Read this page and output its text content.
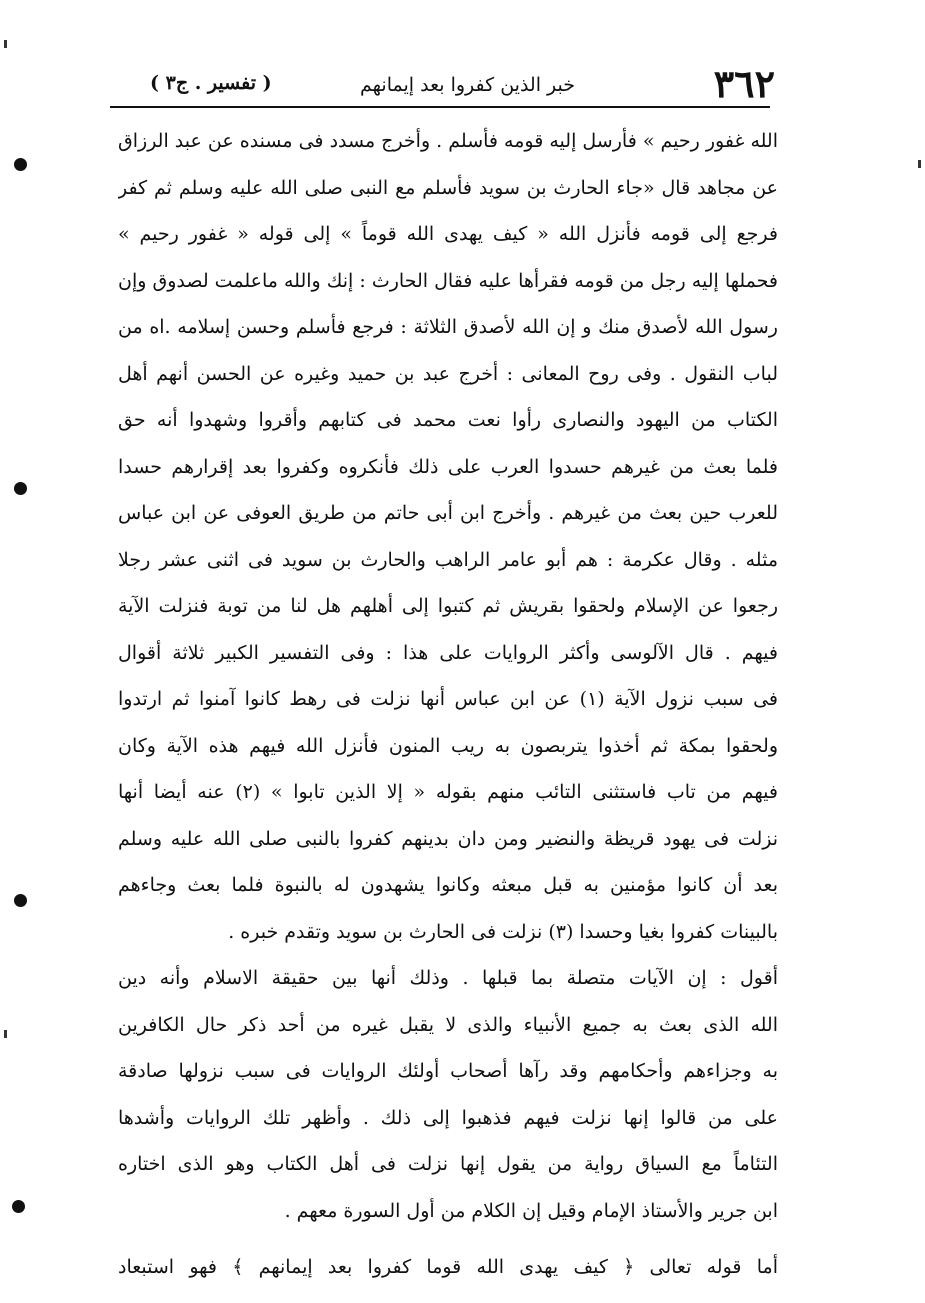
٣٦٢
خبر الذين كفروا بعد إيمانهم
( تفسير . ج٣ )
الله غفور رحيم » فأرسل إليه قومه فأسلم . وأخرج مسدد فى مسنده عن عبد الرزاق
عن مجاهد قال «جاء الحارث بن سويد فأسلم مع النبى صلى الله عليه وسلم ثم كفر
فرجع إلى قومه فأنزل الله « كيف يهدى الله قوماً » إلى قوله « غفور رحيم »
فحملها إليه رجل من قومه فقرأها عليه فقال الحارث : إنك والله ماعلمت لصدوق وإن
رسول الله لأصدق منك و إن الله لأصدق الثلاثة : فرجع فأسلم وحسن إسلامه .اه من
لباب النقول . وفى روح المعانى : أخرج عبد بن حميد وغيره عن الحسن أنهم أهل
الكتاب من اليهود والنصارى رأوا نعت محمد فى كتابهم وأقروا وشهدوا أنه حق
فلما بعث من غيرهم حسدوا العرب على ذلك فأنكروه وكفروا بعد إقرارهم حسدا
للعرب حين بعث من غيرهم . وأخرج ابن أبى حاتم من طريق العوفى عن ابن عباس
مثله . وقال عكرمة : هم أبو عامر الراهب والحارث بن سويد فى اثنى عشر رجلا
رجعوا عن الإسلام ولحقوا بقريش ثم كتبوا إلى أهلهم هل لنا من توبة فنزلت الآية
فيهم . قال الآلوسى وأكثر الروايات على هذا : وفى التفسير الكبير ثلاثة أقوال
فى سبب نزول الآية (١) عن ابن عباس أنها نزلت فى رهط كانوا آمنوا ثم ارتدوا
ولحقوا بمكة ثم أخذوا يتربصون به ريب المنون فأنزل الله فيهم هذه الآية وكان
فيهم من تاب فاستثنى التائب منهم بقوله « إلا الذين تابوا » (٢) عنه أيضا أنها
نزلت فى يهود قريظة والنضير ومن دان بدينهم كفروا بالنبى صلى الله عليه وسلم
بعد أن كانوا مؤمنين به قبل مبعثه وكانوا يشهدون له بالنبوة فلما بعث وجاءهم
بالبينات كفروا بغيا وحسدا (٣) نزلت فى الحارث بن سويد وتقدم خبره .
أقول : إن الآيات متصلة بما قبلها . وذلك أنها بين حقيقة الاسلام وأنه دين
الله الذى بعث به جميع الأنبياء والذى لا يقبل غيره من أحد ذكر حال الكافرين
به وجزاءهم وأحكامهم وقد رآها أصحاب أولئك الروايات فى سبب نزولها صادقة
على من قالوا إنها نزلت فيهم فذهبوا إلى ذلك . وأظهر تلك الروايات وأشدها
التئاماً مع السياق رواية من يقول إنها نزلت فى أهل الكتاب وهو الذى اختاره
ابن جرير والأستاذ الإمام وقيل إن الكلام من أول السورة معهم .
أما قوله تعالى ﴿ كيف يهدى الله قوما كفروا بعد إيمانهم ﴾ فهو استبعاد
